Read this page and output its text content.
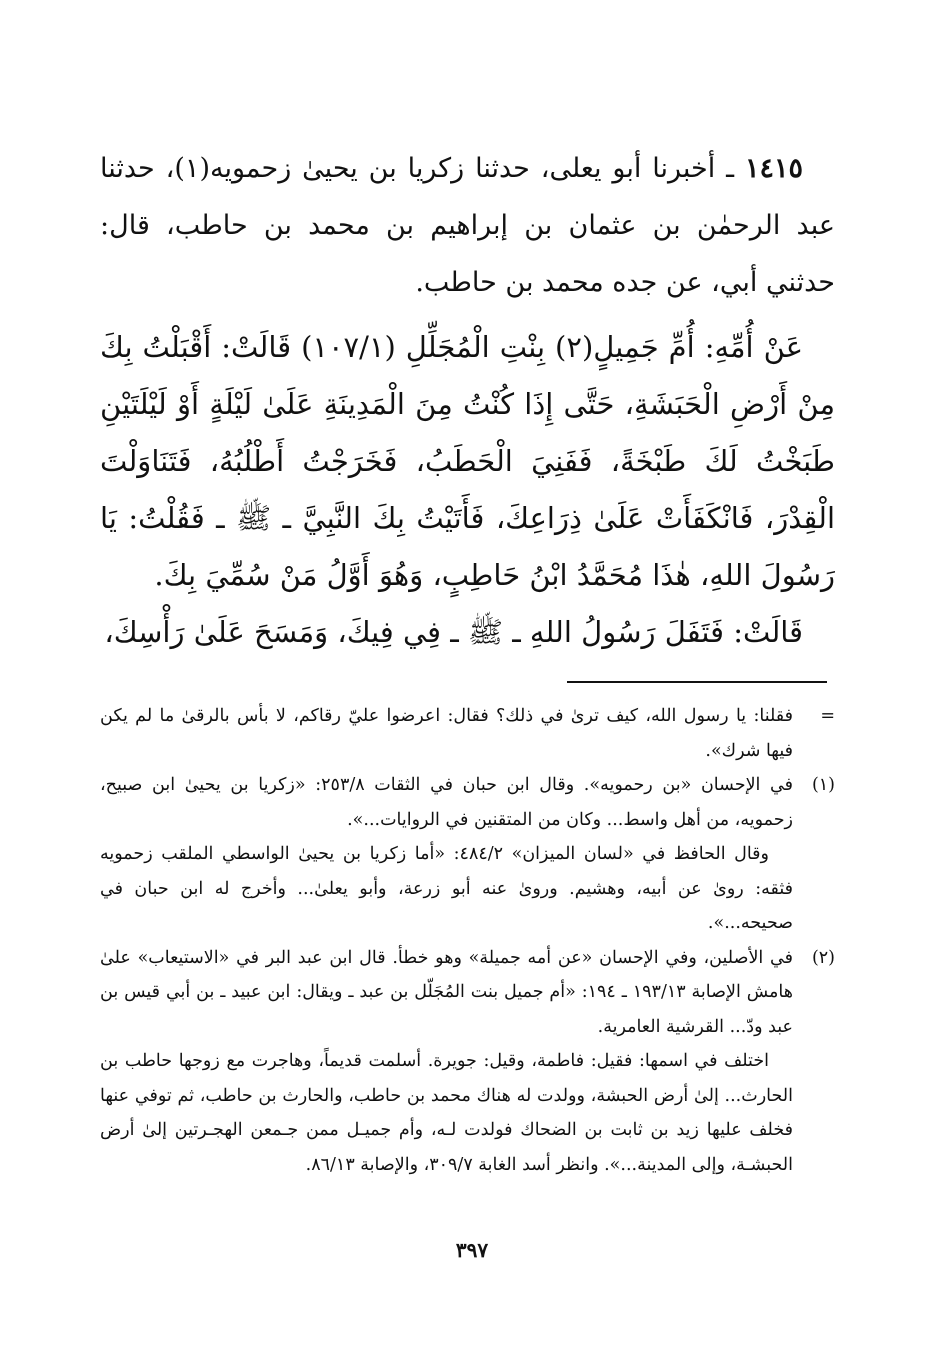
١٤١٥ ـ أخبرنا أبو يعلى، حدثنا زكريا بن يحيىٰ زحمويه(١)، حدثنا عبد الرحمٰن بن عثمان بن إبراهيم بن محمد بن حاطب، قال: حدثني أبي، عن جده محمد بن حاطب.

عَنْ أُمِّهِ: أُمِّ جَمِيلٍ(٢) بِنْتِ الْمُجَلِّلِ (١٠٧/١) قَالَتْ: أَقْبَلْتُ بِكَ مِنْ أَرْضِ الْحَبَشَةِ، حَتَّى إِذَا كُنْتُ مِنَ الْمَدِينَةِ عَلَىٰ لَيْلَةٍ أَوْ لَيْلَتَيْنِ طَبَخْتُ لَكَ طَبْخَةً، فَفَنِيَ الْحَطَبُ، فَخَرَجْتُ أَطْلُبُهُ، فَتَنَاوَلْتَ الْقِدْرَ، فَانْكَفَأَتْ عَلَىٰ ذِرَاعِكَ، فَأَتَيْتُ بِكَ النَّبِيَّ ـ ﷺ ـ فَقُلْتُ: يَا رَسُولَ اللهِ، هٰذَا مُحَمَّدُ ابْنُ حَاطِبٍ، وَهُوَ أَوَّلُ مَنْ سُمِّيَ بِكَ.

قَالَتْ: فَتَفَلَ رَسُولُ اللهِ ـ ﷺ ـ فِي فِيكَ، وَمَسَحَ عَلَىٰ رَأْسِكَ،

=
فقلنا: يا رسول الله، كيف ترىٰ في ذلك؟ فقال: اعرضوا عليّ رقاكم، لا بأس بالرقىٰ ما لم يكن فيها شرك».

(١)
في الإحسان «بن رحمويه». وقال ابن حبان في الثقات ٢٥٣/٨: «زكريا بن يحيىٰ ابن صبيح، زحمويه، من أهل واسط... وكان من المتقنين في الروايات...».

وقال الحافظ في «لسان الميزان» ٤٨٤/٢: «أما زكريا بن يحيىٰ الواسطي الملقب زحمويه فثقه: روىٰ عن أبيه، وهشيم. وروىٰ عنه أبو زرعة، وأبو يعلىٰ... وأخرج له ابن حبان في صحيحه...».

(٢)
في الأصلين، وفي الإحسان «عن أمه جميلة» وهو خطأ. قال ابن عبد البر في «الاستيعاب» علىٰ هامش الإصابة ١٩٣/١٣ ـ ١٩٤: «أم جميل بنت المُجَلّل بن عبد ـ ويقال: ابن عبيد ـ بن أبي قيس بن عبد ودّ... القرشية العامرية.

اختلف في اسمها: فقيل: فاطمة، وقيل: جويرة. أسلمت قديماً، وهاجرت مع زوجها حاطب بن الحارث... إلىٰ أرض الحبشة، وولدت له هناك محمد بن حاطب، والحارث بن حاطب، ثم توفي عنها فخلف عليها زيد بن ثابت بن الضحاك فولدت لـه، وأم جميـل ممن جـمعن الهجـرتين إلىٰ أرض الحبشـة، وإلى المدينة...». وانظر أسد الغابة ٣٠٩/٧، والإصابة ٨٦/١٣.

٣٩٧
